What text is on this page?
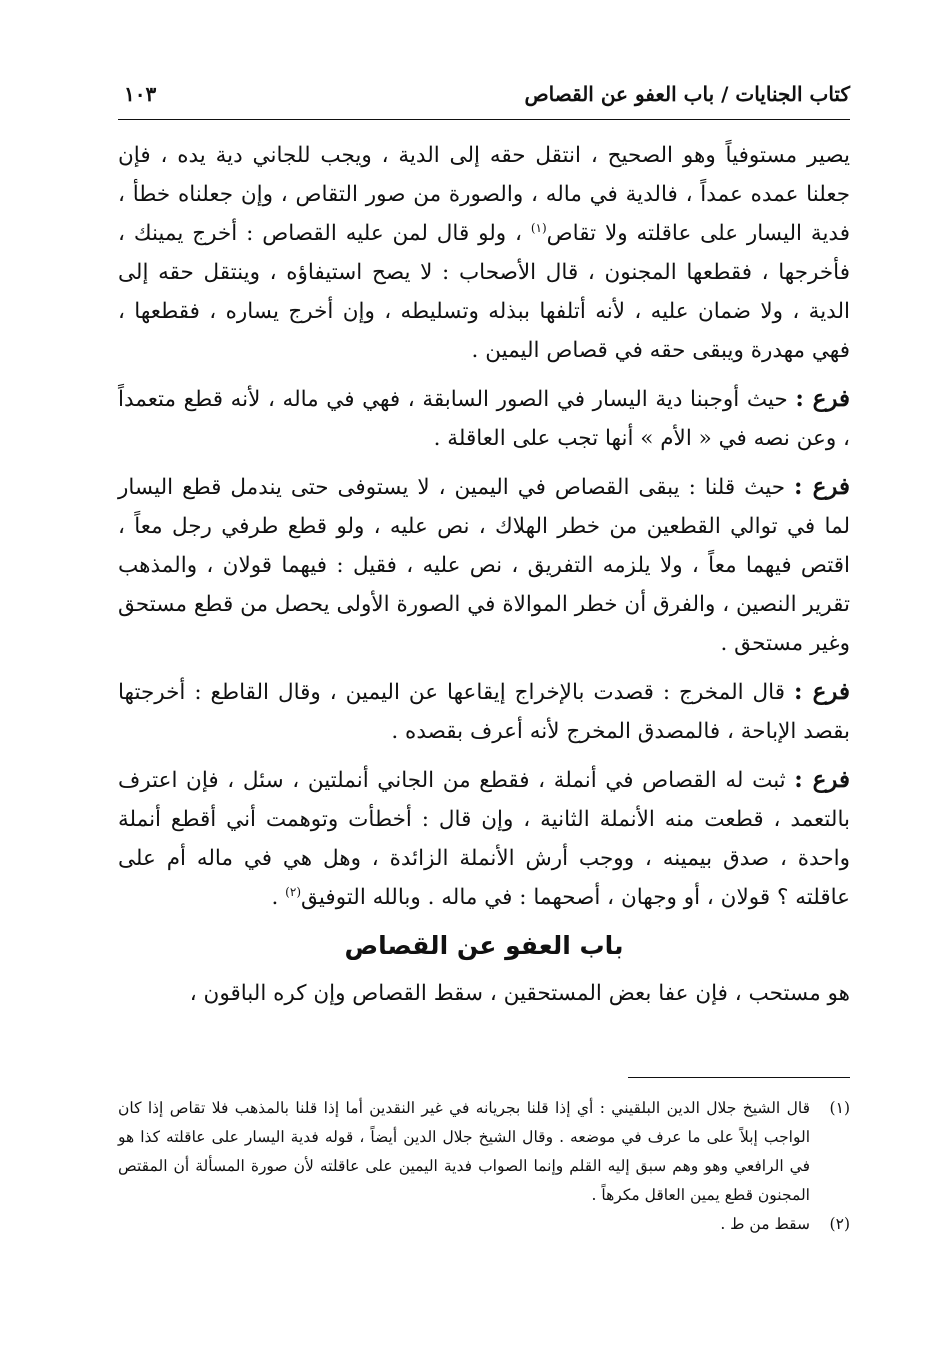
كتاب الجنايات / باب العفو عن القصاص
١٠٣

يصير مستوفياً وهو الصحيح ، انتقل حقه إلى الدية ، ويجب للجاني دية يده ، فإن جعلنا عمده عمداً ، فالدية في ماله ، والصورة من صور التقاص ، وإن جعلناه خطأ ، فدية اليسار على عاقلته ولا تقاص$^{(١)}$ ، ولو قال لمن عليه القصاص : أخرج يمينك ، فأخرجها ، فقطعها المجنون ، قال الأصحاب : لا يصح استيفاؤه ، وينتقل حقه إلى الدية ، ولا ضمان عليه ، لأنه أتلفها ببذله وتسليطه ، وإن أخرج يساره ، فقطعها ، فهي مهدرة ويبقى حقه في قصاص اليمين .

فرع : حيث أوجبنا دية اليسار في الصور السابقة ، فهي في ماله ، لأنه قطع متعمداً ، وعن نصه في « الأم » أنها تجب على العاقلة .

فرع : حيث قلنا : يبقى القصاص في اليمين ، لا يستوفى حتى يندمل قطع اليسار لما في توالي القطعين من خطر الهلاك ، نص عليه ، ولو قطع طرفي رجل معاً ، اقتص فيهما معاً ، ولا يلزمه التفريق ، نص عليه ، فقيل : فيهما قولان ، والمذهب تقرير النصين ، والفرق أن خطر الموالاة في الصورة الأولى يحصل من قطع مستحق وغير مستحق .

فرع : قال المخرج : قصدت بالإخراج إيقاعها عن اليمين ، وقال القاطع : أخرجتها بقصد الإباحة ، فالمصدق المخرج لأنه أعرف بقصده .

فرع : ثبت له القصاص في أنملة ، فقطع من الجاني أنملتين ، سئل ، فإن اعترف بالتعمد ، قطعت منه الأنملة الثانية ، وإن قال : أخطأت وتوهمت أني أقطع أنملة واحدة ، صدق بيمينه ، ووجب أرش الأنملة الزائدة ، وهل هي في ماله أم على عاقلته ؟ قولان ، أو وجهان ، أصحهما : في ماله . وبالله التوفيق$^{(٢)}$ .

باب العفو عن القصاص

هو مستحب ، فإن عفا بعض المستحقين ، سقط القصاص وإن كره الباقون ،

(١)
قال الشيخ جلال الدين البلقيني : أي إذا قلنا بجريانه في غير النقدين أما إذا قلنا بالمذهب فلا تقاص إذا كان الواجب إبلاً على ما عرف في موضعه . وقال الشيخ جلال الدين أيضاً ، قوله فدية اليسار على عاقلته كذا هو في الرافعي وهو وهم سبق إليه القلم وإنما الصواب فدية اليمين على عاقلته لأن صورة المسألة أن المقتص المجنون قطع يمين العاقل مكرهاً .
(٢)
سقط من ط .
